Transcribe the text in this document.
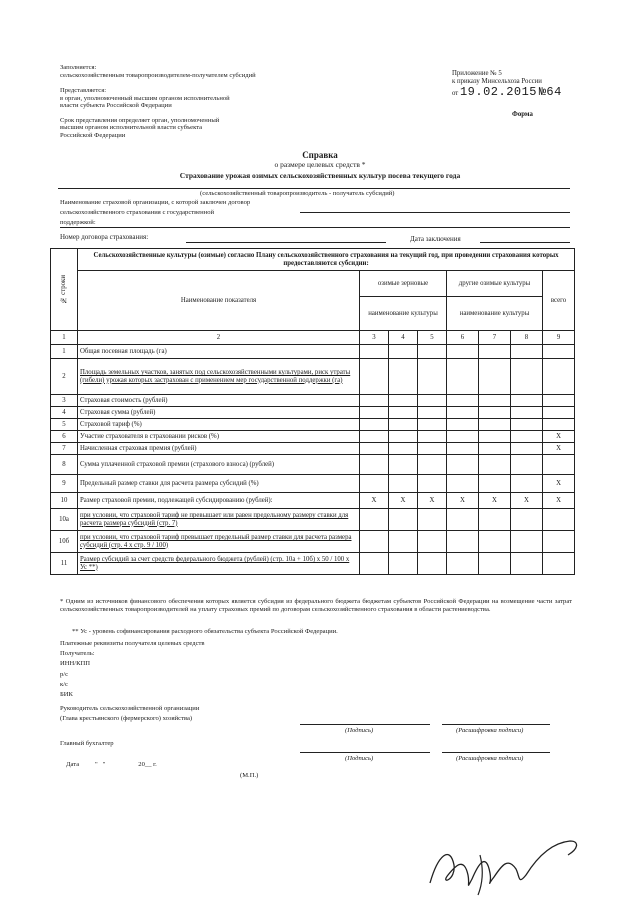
Заполняется:
сельскохозяйственным товаропроизводителем-получателем субсидий
Представляется:
в орган, уполномоченный высшим органом исполнительной
власти субъекта Российской Федерации
Срок представления определяет орган, уполномоченный
высшим органом исполнительной власти субъекта
Российской Федерации
Приложение № 5
к приказу Минсельхоза России
от 19.02.2015 №64
Форма
Справка
о размере целевых средств *
Страхование урожая озимых сельскохозяйственных культур посева текущего года
(сельскохозяйственный товаропроизводитель - получатель субсидий)
Наименование страховой организации, с которой заключен договор
сельскохозяйственного страхования с государственной
поддержкой:
Номер договора страхования:	Дата заключения
№ строки	Сельскохозяйственные культуры (озимые) согласно Плану сельскохозяйственного страхования на текущий год, при проведении страхования которых предоставляются субсидии:							
	Наименование показателя	озимые зерновые			другие озимые культуры			всего
		наименование культуры			наименование культуры			
1	2	3	4	5	6	7	8	9
1	Общая посевная площадь (га)							
2	Площадь земельных участков, занятых под сельскохозяйственными культурами, риск утраты (гибели) урожая которых застрахован с применением мер государственной поддержки (га)							
3	Страховая стоимость (рублей)							
4	Страховая сумма (рублей)							
5	Страховой тариф (%)							
6	Участие страхователя в страховании рисков (%)							X
7	Начисленная страховая премия (рублей)							X
8	Сумма уплаченной страховой премии (страхового взноса) (рублей)							
9	Предельный размер ставки для расчета размера субсидий (%)							X
10	Размер страховой премии, подлежащей субсидированию (рублей):	X	X	X	X	X	X	X
10а	при условии, что страховой тариф не превышает или равен предельному размеру ставки для расчета размера субсидий (стр. 7)							
10б	при условии, что страховой тариф превышает предельный размер ставки для расчета размера субсидий (стр. 4 х стр. 9 / 100)							
11	Размер субсидий за счет средств федерального бюджета (рублей) (стр. 10а + 10б) х 50 / 100 х Ус **)							
* Одним из источников финансового обеспечения которых является субсидия из федерального бюджета бюджетам субъектов Российской Федерации на возмещение части затрат сельскохозяйственных товаропроизводителей на уплату страховых премий по договорам сельскохозяйственного страхования в области растениеводства.
** Ус - уровень софинансирования расходного обязательства субъекта Российской Федерации.
Платежные реквизиты получателя целевых средств
Получатель:
ИНН/КПП
р/с
к/с
БИК
Руководитель сельскохозяйственной организации
(Глава крестьянского (фермерского) хозяйства)
(Подпись)	(Расшифровка подписи)
Главный бухгалтер
(Подпись)	(Расшифровка подписи)
Дата "   "                    20__ г.
(М.П.)
